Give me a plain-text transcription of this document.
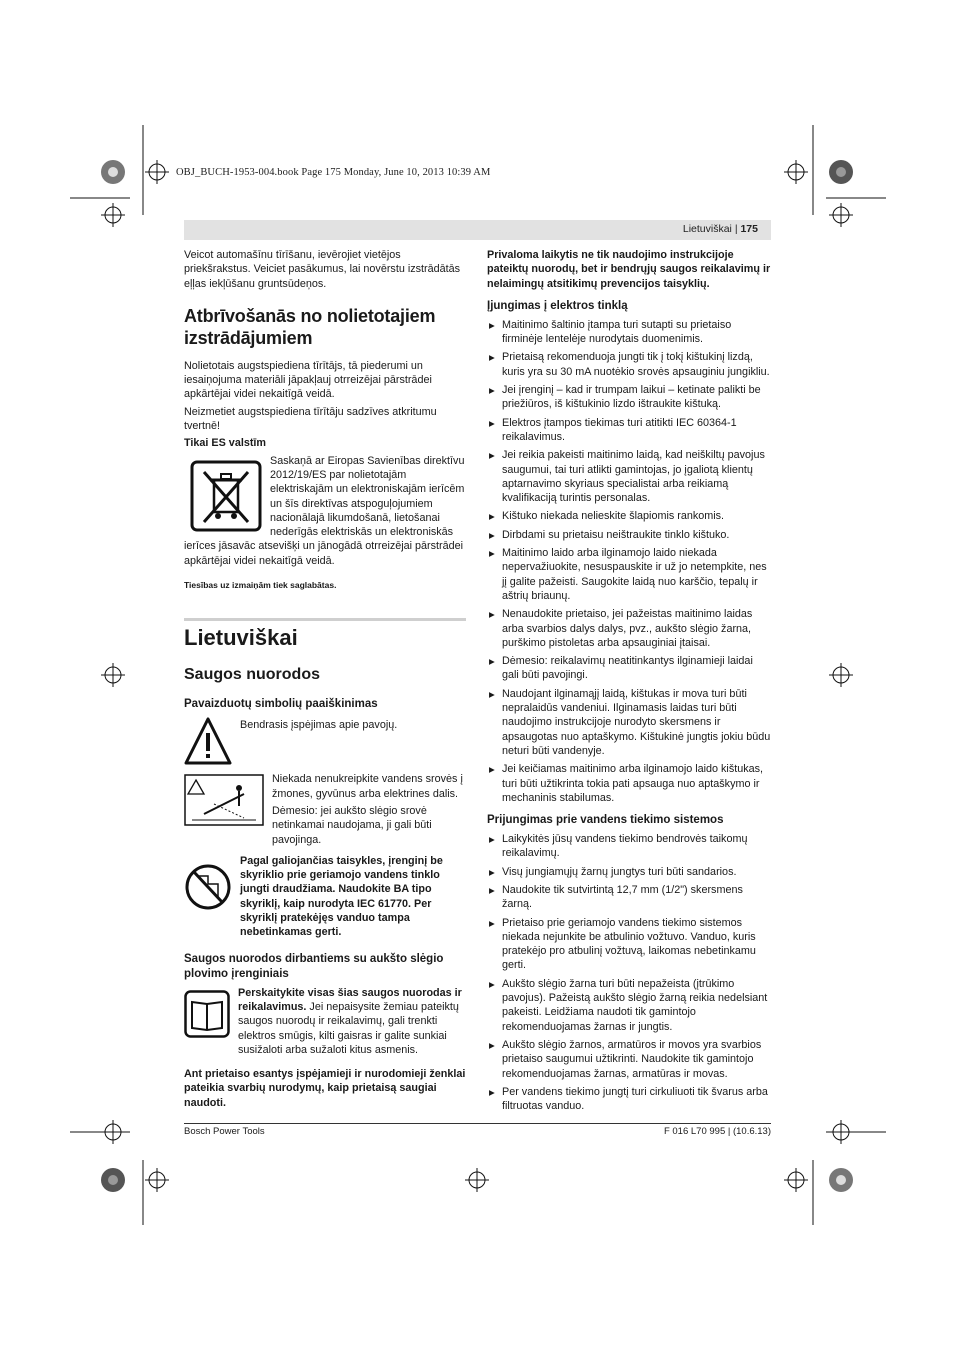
OBJ_BUCH-1953-004.book Page 175 Monday, June 10, 2013 10:39 AM
Lietuviškai | 175

Veicot automašīnu tīrīšanu, ievērojiet vietējos priekšrakstus. Veiciet pasākumus, lai novērstu izstrādātās eļļas iekļūšanu gruntsūdeņos.

Atbrīvošanās no nolietotajiem izstrādājumiem

Nolietotais augstspiediena tīrītājs, tā piederumi un iesaiņojuma materiāli jāpakļauj otrreizējai pārstrādei apkārtējai videi nekaitīgā veidā.

Neizmetiet augstspiediena tīrītāju sadzīves atkritumu tvertnē!

Tikai ES valstīm

Saskaņā ar Eiropas Savienības direktīvu 2012/19/ES par nolietotajām elektriskajām un elektroniskajām ierīcēm un šīs direktīvas atspoguļojumiem nacionālajā likumdošanā, lietošanai nederīgās elektriskās un elektroniskās ierīces jāsavāc atsevišķi un jānogādā otrreizējai pārstrādei apkārtējai videi nekaitīgā veidā.

Tiesības uz izmaiņām tiek saglabātas.

Lietuviškai
Saugos nuorodos
Pavaizduotų simbolių paaiškinimas
Bendrasis įspėjimas apie pavojų.

Niekada nenukreipkite vandens srovės į žmones, gyvūnus arba elektrines dalis.

Dėmesio: jei aukšto slėgio srovė netinkamai naudojama, ji gali būti pavojinga.

Pagal galiojančias taisykles, įrenginį be skyriklio prie geriamojo vandens tinklo jungti draudžiama. Naudokite BA tipo skyriklį, kaip nurodyta IEC 61770. Per skyriklį pratekėjęs vanduo tampa nebetinkamas gerti.
Saugos nuorodos dirbantiems su aukšto slėgio plovimo įrenginiais
Perskaitykite visas šias saugos nuorodas ir reikalavimus. Jei nepaisysite žemiau pateiktų saugos nuorodų ir reikalavimų, gali trenkti elektros smūgis, kilti gaisras ir galite sunkiai susižaloti arba sužaloti kitus asmenis.

Ant prietaiso esantys įspėjamieji ir nurodomieji ženklai pateikia svarbių nurodymų, kaip prietaisą saugiai naudoti.

Privaloma laikytis ne tik naudojimo instrukcijoje pateiktų nuorodų, bet ir bendrųjų saugos reikalavimų ir nelaimingų atsitikimų prevencijos taisyklių.

Įjungimas į elektros tinklą
▶ Maitinimo šaltinio įtampa turi sutapti su prietaiso firminėje lentelėje nurodytais duomenimis.
▶ Prietaisą rekomenduoja jungti tik į tokį kištukinį lizdą, kuris yra su 30 mA nuotėkio srovės apsauginiu jungikliu.
▶ Jei įrenginį – kad ir trumpam laikui – ketinate palikti be priežiūros, iš kištukinio lizdo ištraukite kištuką.
▶ Elektros įtampos tiekimas turi atitikti IEC 60364-1 reikalavimus.
▶ Jei reikia pakeisti maitinimo laidą, kad neiškiltų pavojus saugumui, tai turi atlikti gamintojas, jo įgaliotą klientų aptarnavimo skyriaus specialistai arba reikiamą kvalifikaciją turintis personalas.
▶ Kištuko niekada nelieskite šlapiomis rankomis.
▶ Dirbdami su prietaisu neištraukite tinklo kištuko.
▶ Maitinimo laido arba ilginamojo laido niekada nepervažiuokite, nesuspauskite ir už jo netempkite, nes jį galite pažeisti. Saugokite laidą nuo karščio, tepalų ir aštrių briaunų.
▶ Nenaudokite prietaiso, jei pažeistas maitinimo laidas arba svarbios dalys dalys, pvz., aukšto slėgio žarna, purškimo pistoletas arba apsauginiai įtaisai.
▶ Dėmesio: reikalavimų neatitinkantys ilginamieji laidai gali būti pavojingi.
▶ Naudojant ilginamąjį laidą, kištukas ir mova turi būti nepralaidūs vandeniui. Ilginamasis laidas turi būti naudojimo instrukcijoje nurodyto skersmens ir apsaugotas nuo aptaškymo. Kištukinė jungtis jokiu būdu neturi būti vandenyje.
▶ Jei keičiamas maitinimo arba ilginamojo laido kištukas, turi būti užtikrinta tokia pati apsauga nuo aptaškymo ir mechaninis stabilumas.
Prijungimas prie vandens tiekimo sistemos
▶ Laikykitės jūsų vandens tiekimo bendrovės taikomų reikalavimų.
▶ Visų jungiamųjų žarnų jungtys turi būti sandarios.
▶ Naudokite tik sutvirtintą 12,7 mm (1/2") skersmens žarną.
▶ Prietaiso prie geriamojo vandens tiekimo sistemos niekada nejunkite be atbulinio vožtuvo. Vanduo, kuris pratekėjo pro atbulinį vožtuvą, laikomas nebetinkamu gerti.
▶ Aukšto slėgio žarna turi būti nepažeista (įtrūkimo pavojus). Pažeistą aukšto slėgio žarną reikia nedelsiant pakeisti. Leidžiama naudoti tik gamintojo rekomenduojamas žarnas ir jungtis.
▶ Aukšto slėgio žarnos, armatūros ir movos yra svarbios prietaiso saugumui užtikrinti. Naudokite tik gamintojo rekomenduojamas žarnas, armatūras ir movas.
▶ Per vandens tiekimo jungtį turi cirkuliuoti tik švarus arba filtruotas vanduo.
Bosch Power Tools	F 016 L70 995 | (10.6.13)
